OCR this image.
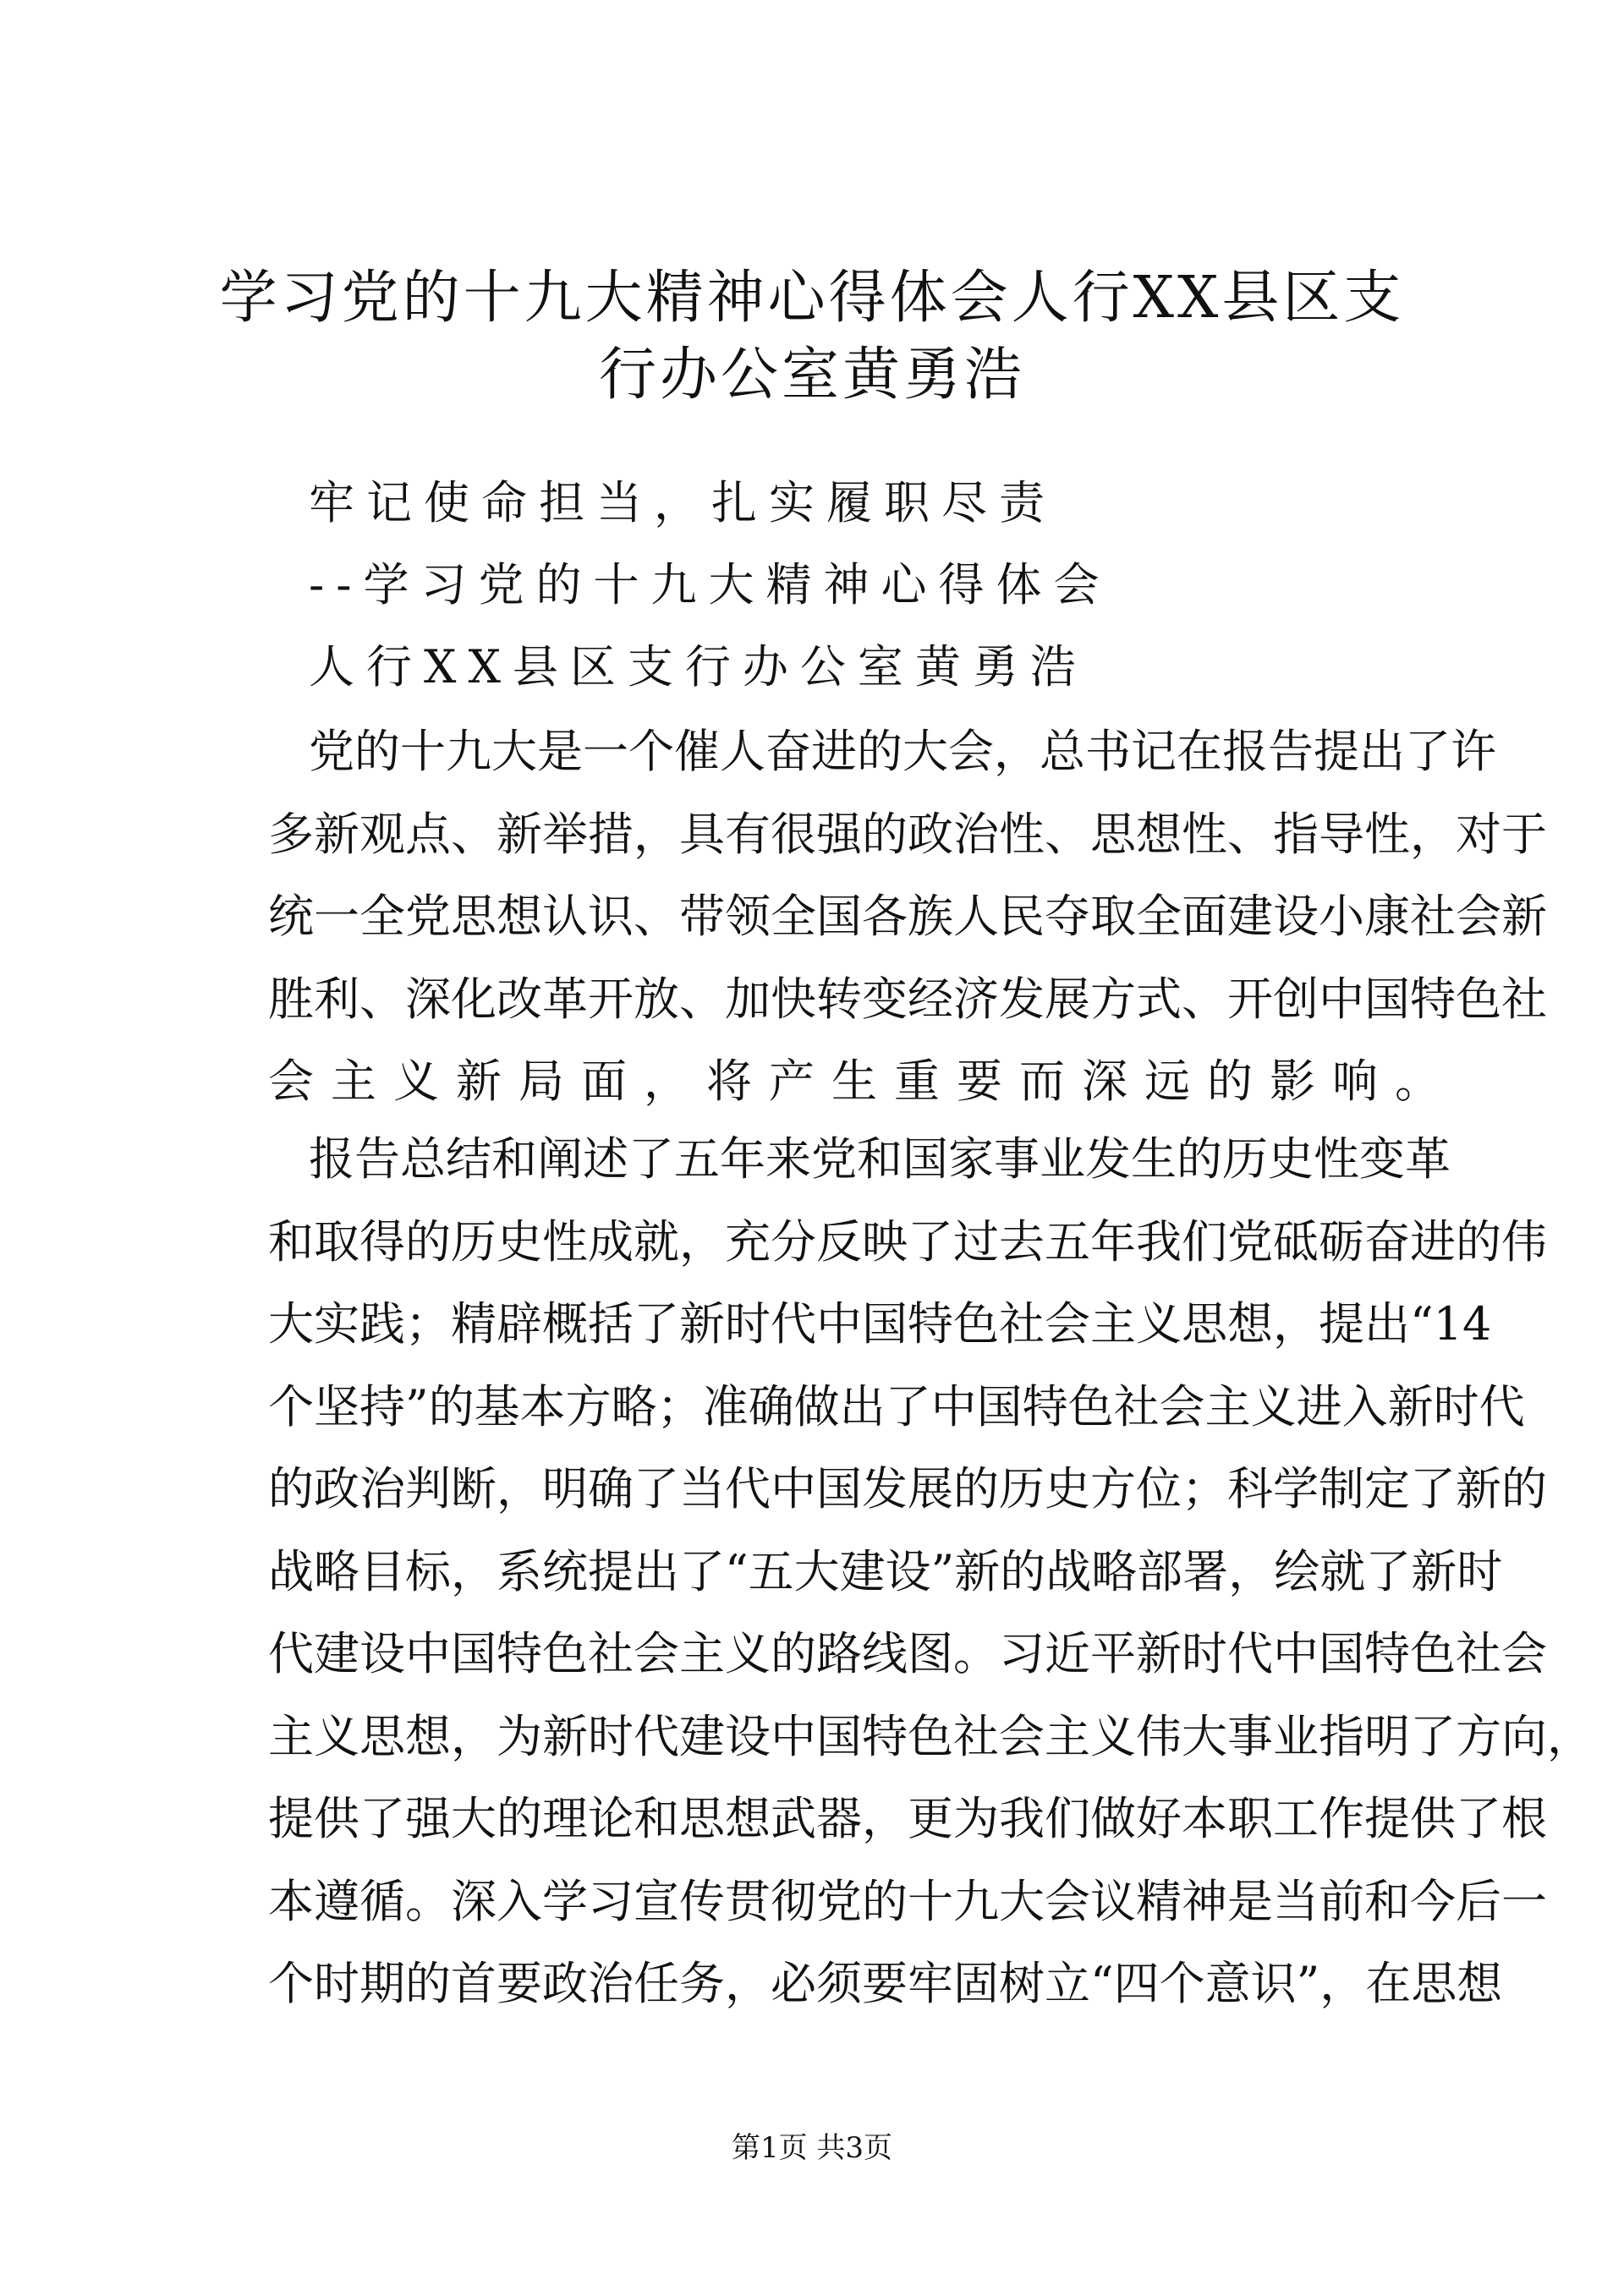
学习党的十九大精神心得体会人行XX县区支
行办公室黄勇浩
牢记使命担当，扎实履职尽责
--学习党的十九大精神心得体会
人行XX县区支行办公室黄勇浩
党的十九大是一个催人奋进的大会，总书记在报告提出了许
多新观点、新举措，具有很强的政治性、思想性、指导性，对于
统一全党思想认识、带领全国各族人民夺取全面建设小康社会新
胜利、深化改革开放、加快转变经济发展方式、开创中国特色社
会主义新局面，将产生重要而深远的影响。
报告总结和阐述了五年来党和国家事业发生的历史性变革
和取得的历史性成就，充分反映了过去五年我们党砥砺奋进的伟
大实践；精辟概括了新时代中国特色社会主义思想，提出“14
个坚持”的基本方略；准确做出了中国特色社会主义进入新时代
的政治判断，明确了当代中国发展的历史方位；科学制定了新的
战略目标，系统提出了“五大建设”新的战略部署，绘就了新时
代建设中国特色社会主义的路线图。习近平新时代中国特色社会
主义思想，为新时代建设中国特色社会主义伟大事业指明了方向，
提供了强大的理论和思想武器，更为我们做好本职工作提供了根
本遵循。深入学习宣传贯彻党的十九大会议精神是当前和今后一
个时期的首要政治任务，必须要牢固树立“四个意识”，在思想
第1页 共3页
